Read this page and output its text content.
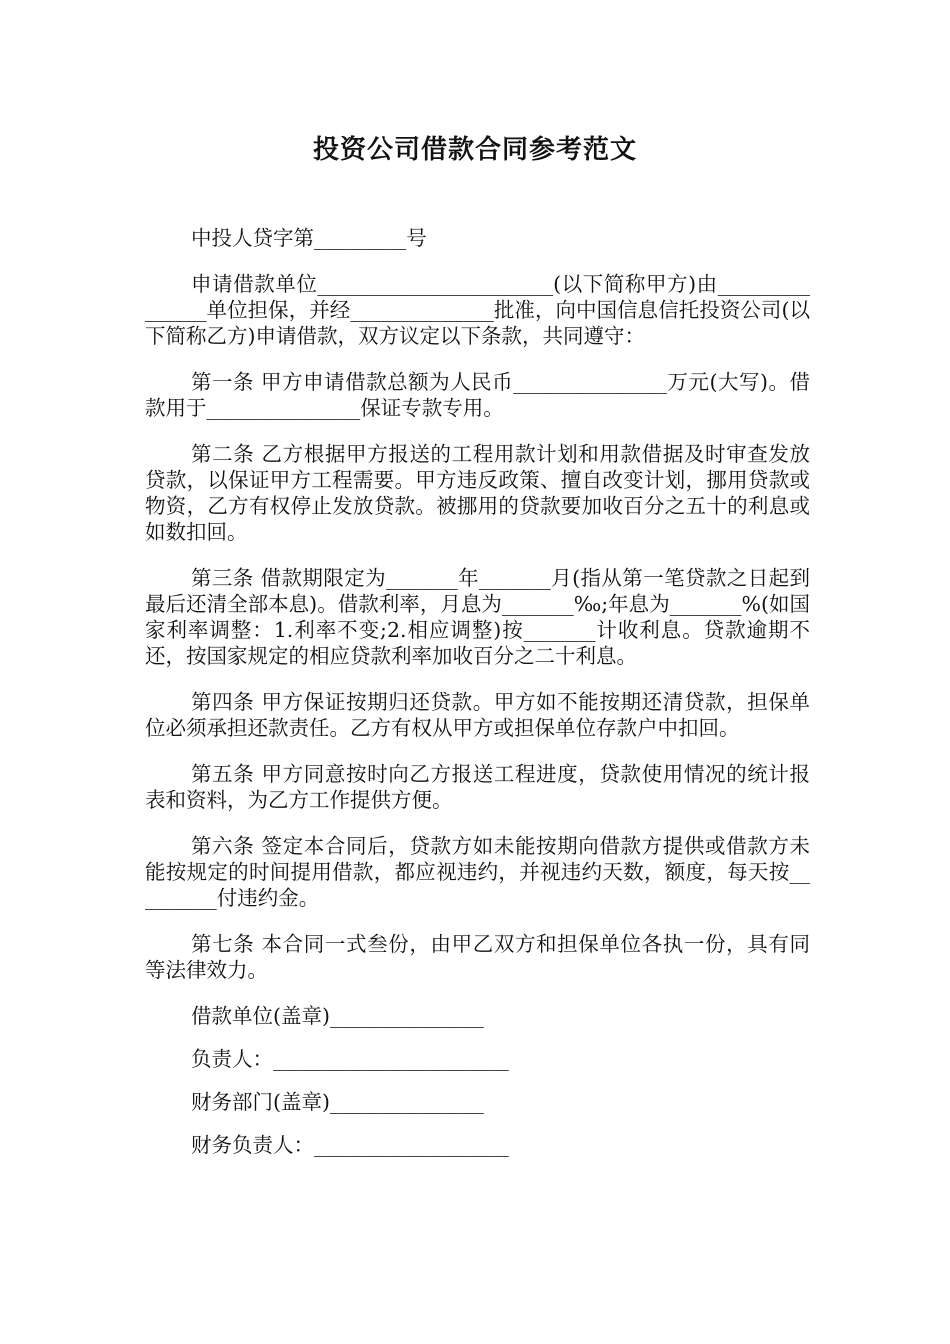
投资公司借款合同参考范文

中投人贷字第_________号

申请借款单位_______________________(以下简称甲方)由_______________单位担保，并经______________批准，向中国信息信托投资公司(以下简称乙方)申请借款，双方议定以下条款，共同遵守：

第一条 甲方申请借款总额为人民币_______________万元(大写)。借款用于_______________保证专款专用。

第二条 乙方根据甲方报送的工程用款计划和用款借据及时审查发放贷款，以保证甲方工程需要。甲方违反政策、擅自改变计划，挪用贷款或物资，乙方有权停止发放贷款。被挪用的贷款要加收百分之五十的利息或如数扣回。

第三条 借款期限定为_______年_______月(指从第一笔贷款之日起到最后还清全部本息)。借款利率，月息为_______‰;年息为_______%(如国家利率调整：1.利率不变;2.相应调整)按_______计收利息。贷款逾期不还，按国家规定的相应贷款利率加收百分之二十利息。

第四条 甲方保证按期归还贷款。甲方如不能按期还清贷款，担保单位必须承担还款责任。乙方有权从甲方或担保单位存款户中扣回。

第五条 甲方同意按时向乙方报送工程进度，贷款使用情况的统计报表和资料，为乙方工作提供方便。

第六条 签定本合同后，贷款方如未能按期向借款方提供或借款方未能按规定的时间提用借款，都应视违约，并视违约天数，额度，每天按_________付违约金。

第七条 本合同一式叁份，由甲乙双方和担保单位各执一份，具有同等法律效力。

借款单位(盖章)_______________

负责人：_______________________

财务部门(盖章)_______________

财务负责人：___________________
